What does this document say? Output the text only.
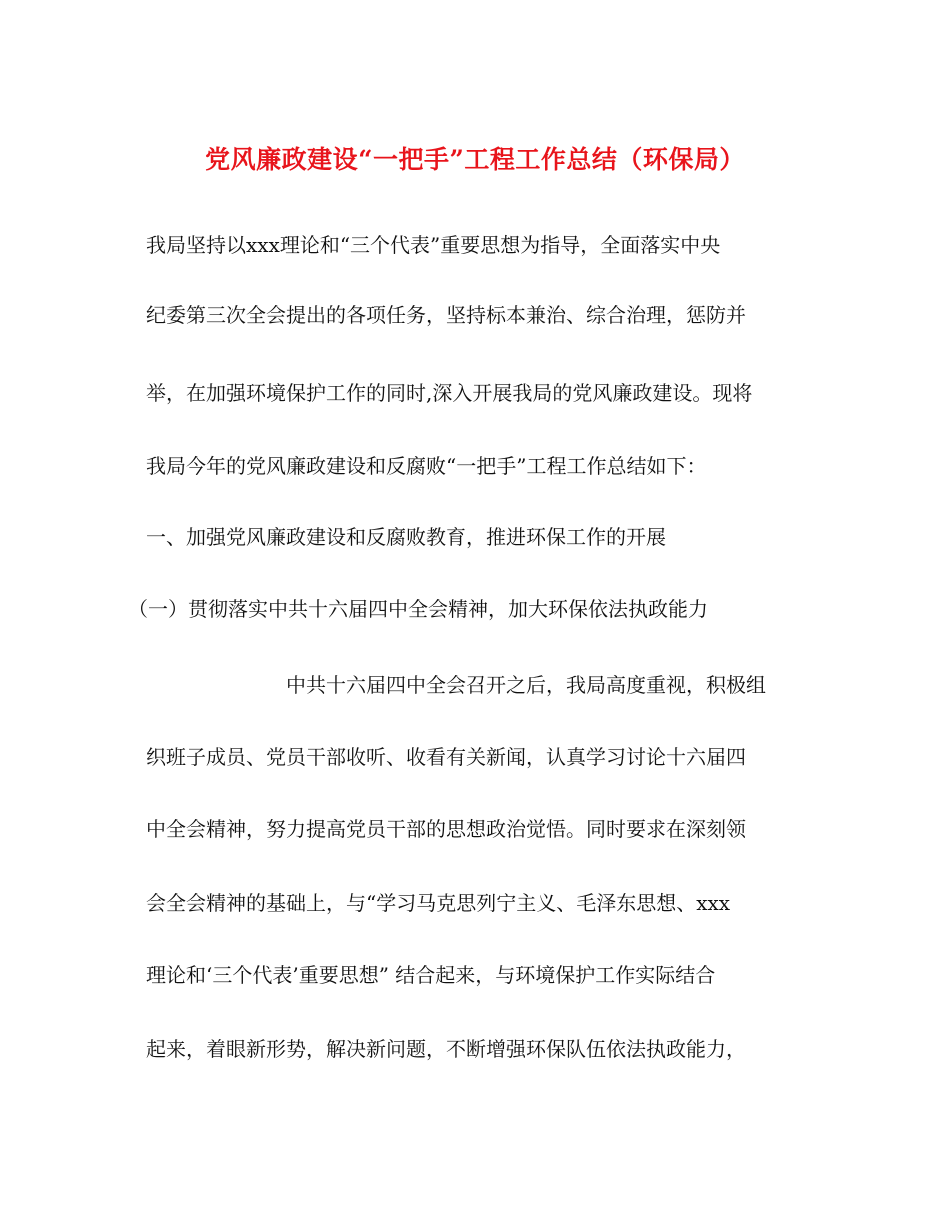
党风廉政建设“一把手”工程工作总结（环保局）
我局坚持以xxx理论和“三个代表”重要思想为指导，全面落实中央
纪委第三次全会提出的各项任务，坚持标本兼治、综合治理，惩防并
举，在加强环境保护工作的同时,深入开展我局的党风廉政建设。现将
我局今年的党风廉政建设和反腐败“一把手”工程工作总结如下：
一、加强党风廉政建设和反腐败教育，推进环保工作的开展
（一）贯彻落实中共十六届四中全会精神，加大环保依法执政能力
中共十六届四中全会召开之后，我局高度重视，积极组
织班子成员、党员干部收听、收看有关新闻，认真学习讨论十六届四
中全会精神，努力提高党员干部的思想政治觉悟。同时要求在深刻领
会全会精神的基础上，与“学习马克思列宁主义、毛泽东思想、xxx
理论和‘三个代表’重要思想” 结合起来，与环境保护工作实际结合
起来，着眼新形势，解决新问题，不断增强环保队伍依法执政能力，
